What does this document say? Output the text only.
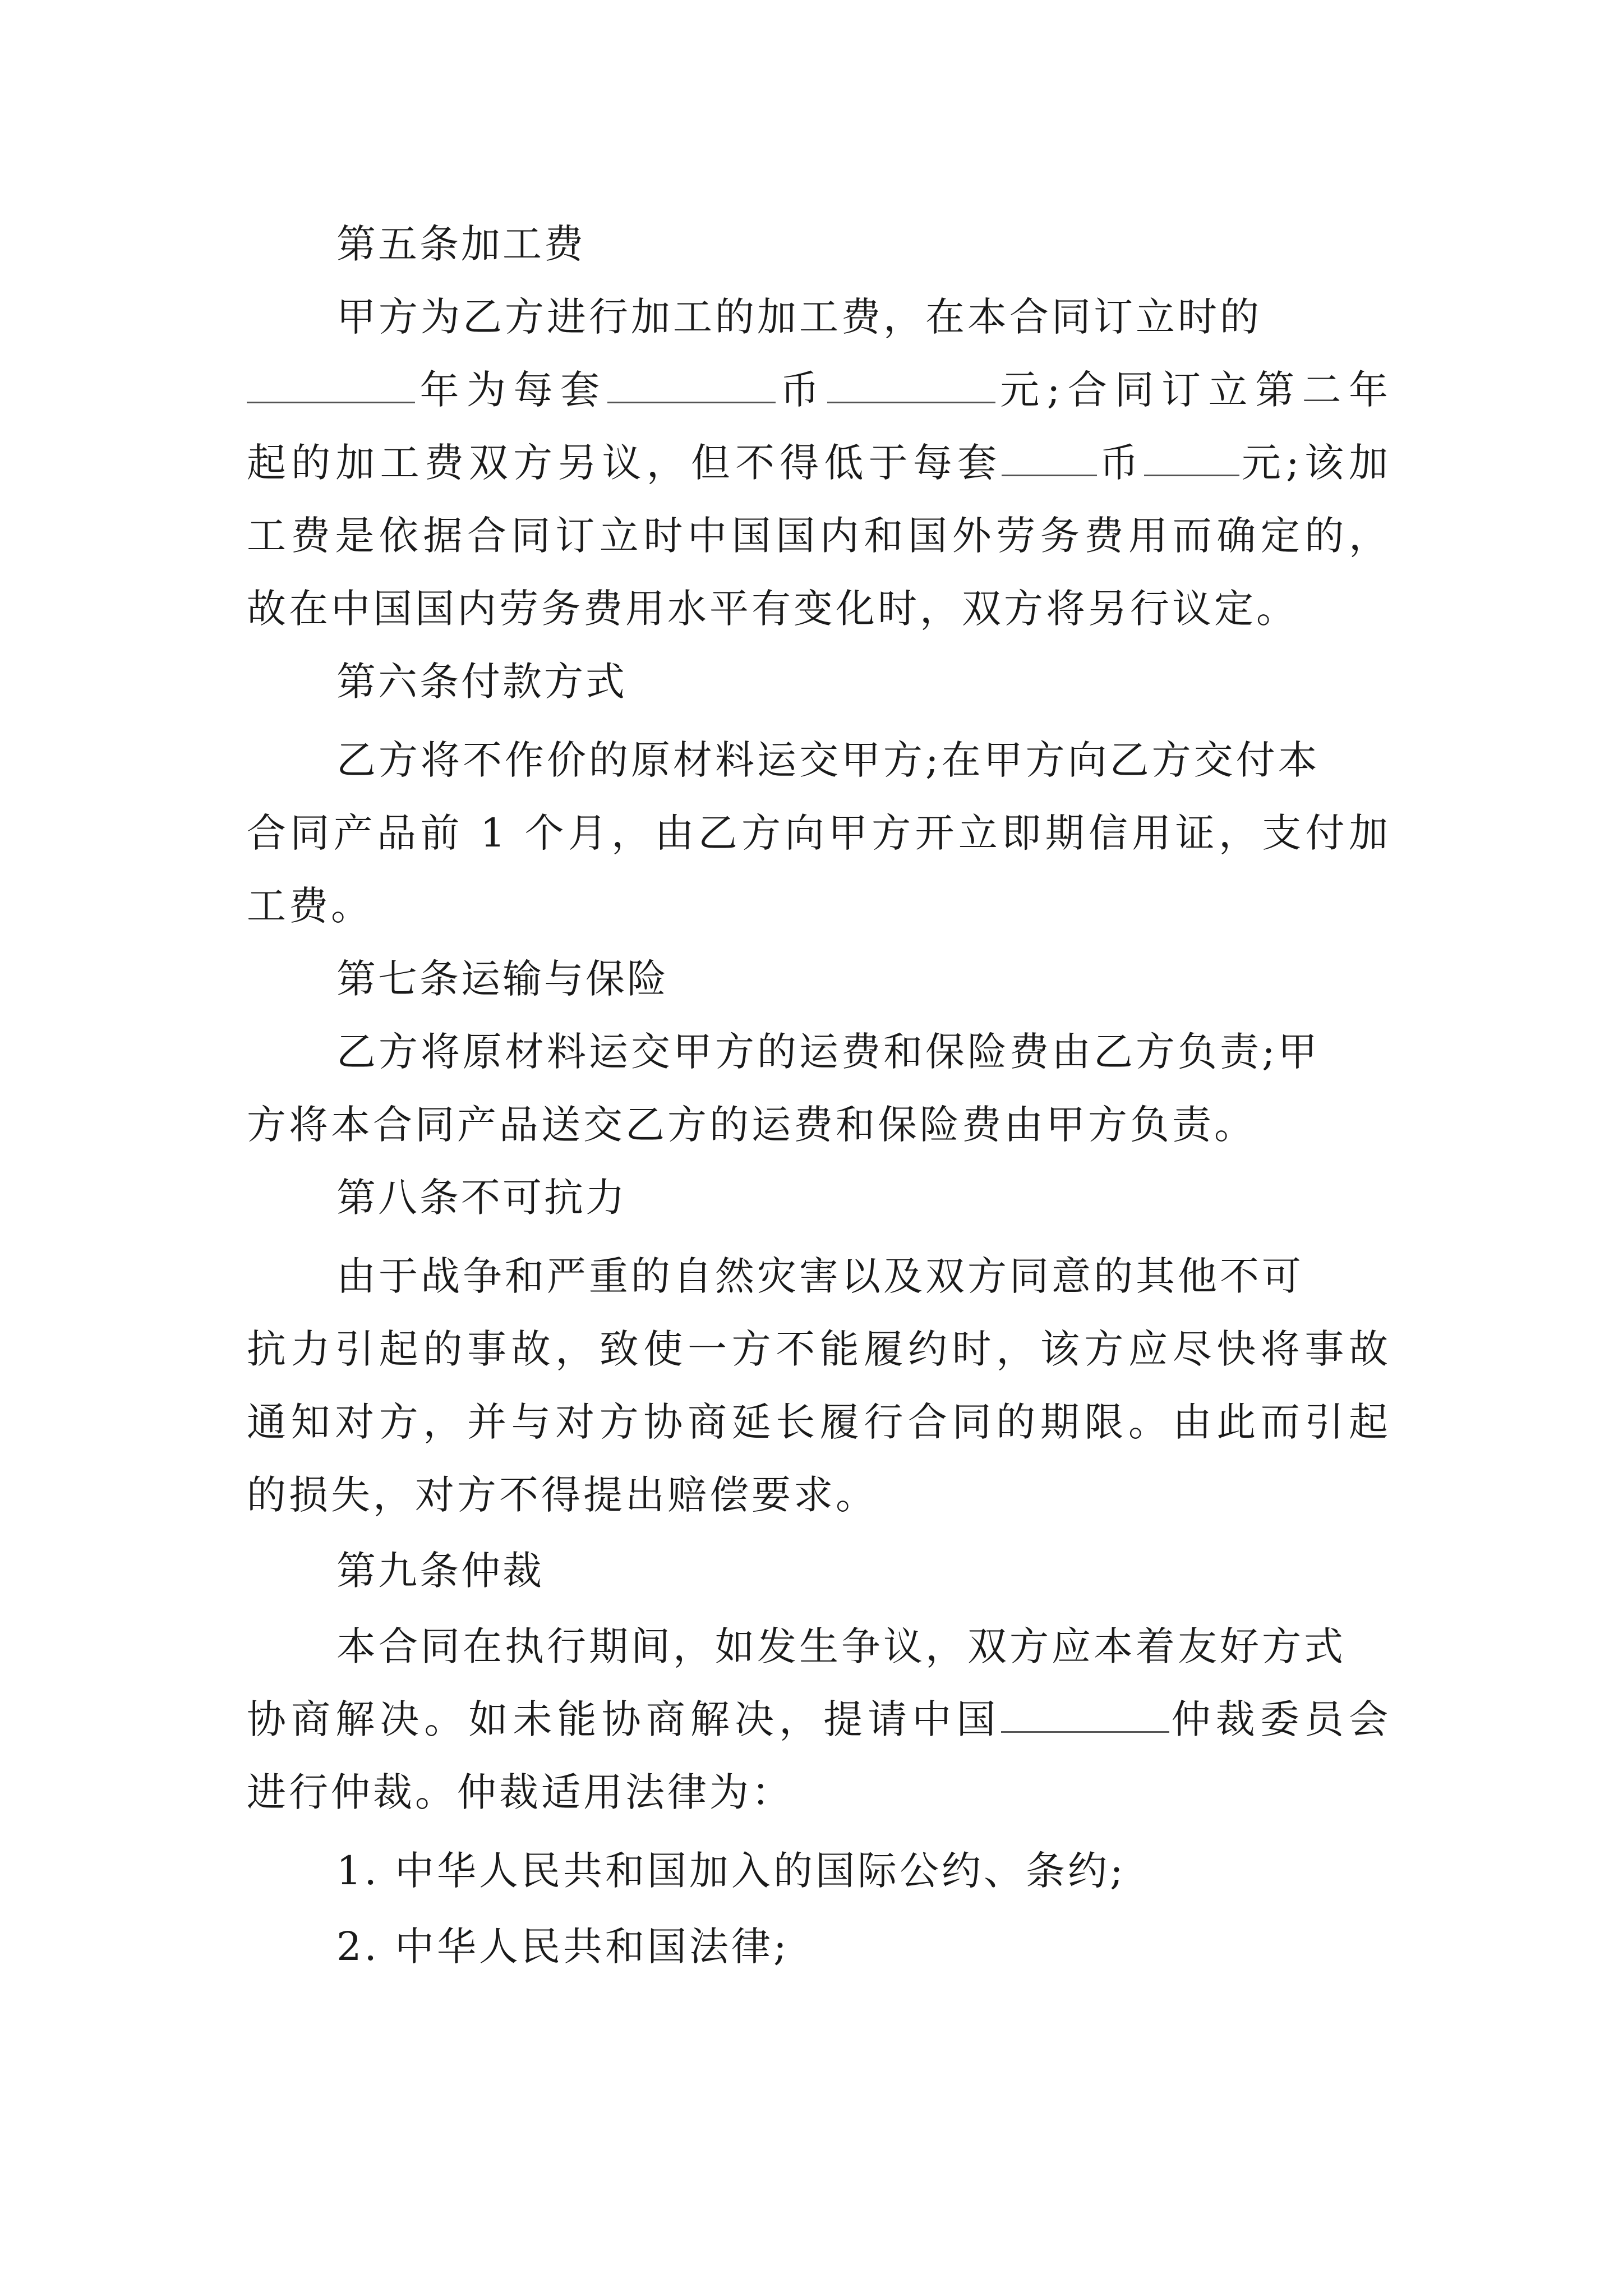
第五条加工费
甲方为乙方进行加工的加工费，在本合同订立时的
年为每套	币	元;合同订立第二年
起的加工费双方另议，但不得低于每套 币 元;该加
工费是依据合同订立时中国国内和国外劳务费用而确定的，
故在中国国内劳务费用水平有变化时，双方将另行议定。
第六条付款方式
乙方将不作价的原材料运交甲方;在甲方向乙方交付本
合同产品前 1 个月，由乙方向甲方开立即期信用证，支付加
工费。
第七条运输与保险
乙方将原材料运交甲方的运费和保险费由乙方负责;甲
方将本合同产品送交乙方的运费和保险费由甲方负责。
第八条不可抗力
由于战争和严重的自然灾害以及双方同意的其他不可
抗力引起的事故，致使一方不能履约时，该方应尽快将事故
通知对方，并与对方协商延长履行合同的期限。由此而引起
的损失，对方不得提出赔偿要求。
第九条仲裁
本合同在执行期间，如发生争议，双方应本着友好方式
协商解决。如未能协商解决，提请中国	仲裁委员会
进行仲裁。仲裁适用法律为：
1. 中华人民共和国加入的国际公约、条约;
2. 中华人民共和国法律;
